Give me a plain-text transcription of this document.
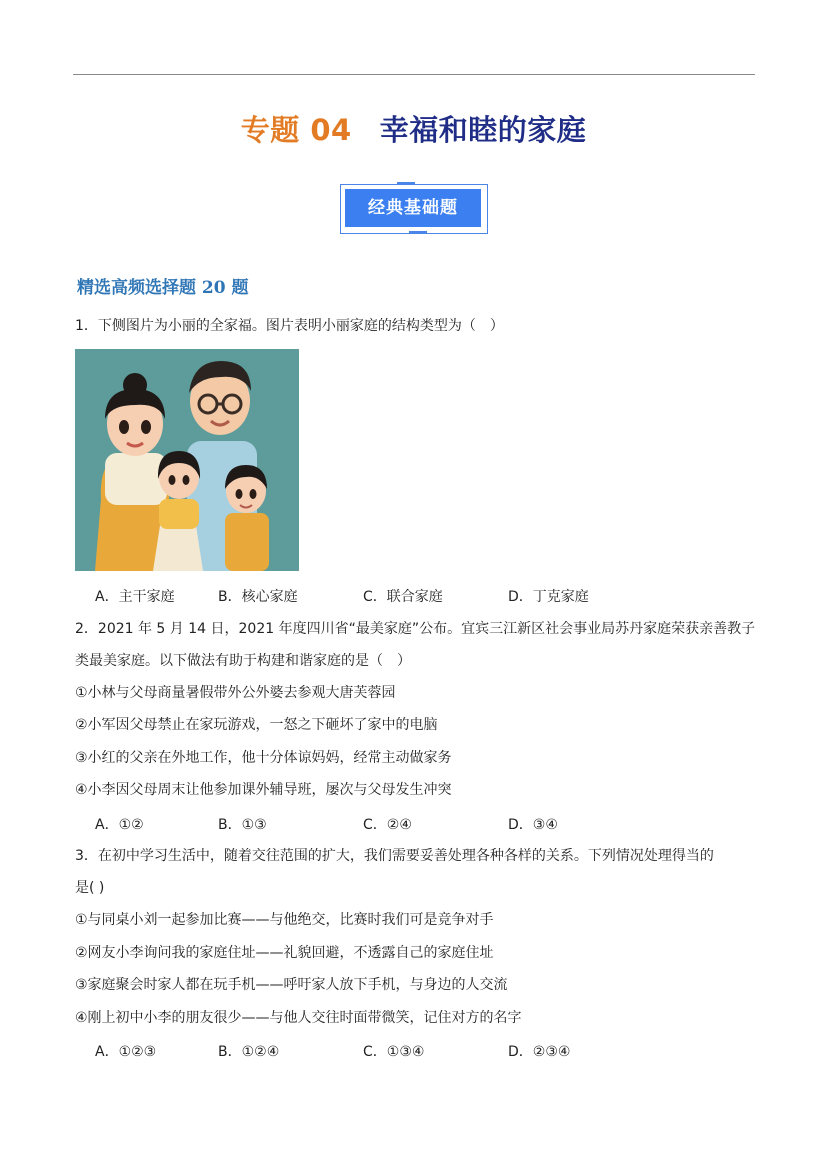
专题 04 幸福和睦的家庭
经典基础题
精选高频选择题 20 题
1．下侧图片为小丽的全家福。图片表明小丽家庭的结构类型为（　）
A．主干家庭	B．核心家庭	C．联合家庭	D．丁克家庭
2．2021 年 5 月 14 日，2021 年度四川省“最美家庭”公布。宜宾三江新区社会事业局苏丹家庭荣获亲善教子
类最美家庭。以下做法有助于构建和谐家庭的是（　）
①小林与父母商量暑假带外公外婆去参观大唐芙蓉园
②小军因父母禁止在家玩游戏，一怒之下砸坏了家中的电脑
③小红的父亲在外地工作，他十分体谅妈妈，经常主动做家务
④小李因父母周末让他参加课外辅导班，屡次与父母发生冲突
A．①②	B．①③	C．②④	D．③④
3．在初中学习生活中，随着交往范围的扩大，我们需要妥善处理各种各样的关系。下列情况处理得当的
是( )
①与同桌小刘一起参加比赛——与他绝交，比赛时我们可是竞争对手
②网友小李询问我的家庭住址——礼貌回避，不透露自己的家庭住址
③家庭聚会时家人都在玩手机——呼吁家人放下手机，与身边的人交流
④刚上初中小李的朋友很少——与他人交往时面带微笑，记住对方的名字
A．①②③	B．①②④	C．①③④	D．②③④
